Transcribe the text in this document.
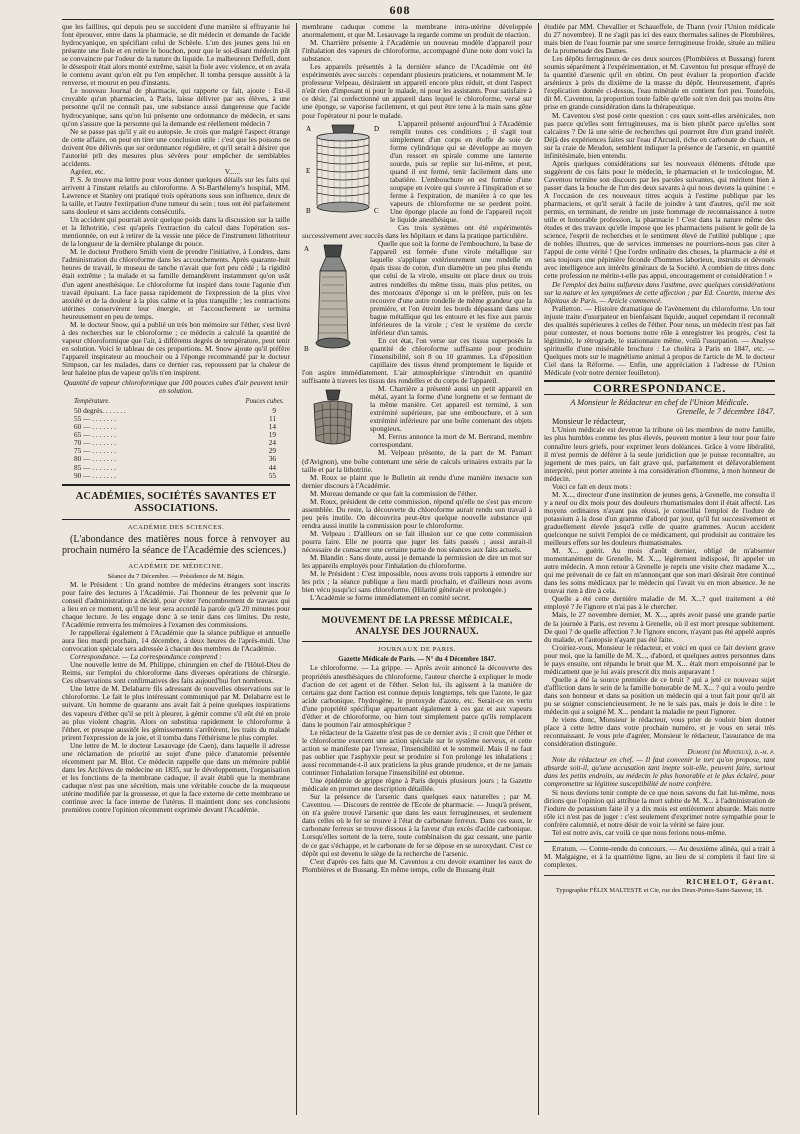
608

que les faillites, qui depuis peu se succèdent d'une manière si effrayante lui font éprouver, entre dans la pharmacie, se dit médecin et demande de l'acide hydrocyanique, en spécifiant celui de Schèele. L'un des jeunes gens lui en présente une fiole et en retire le bouchon, pour que le soi-disant médecin pût se convaincre par l'odeur de la nature du liquide. Le malheureux Deffell, dont le désespoir était alors monté extrême, saisit la fiole avec violence, et en avala le contenu avant qu'on eût pu l'en empêcher. Il tomba presque aussitôt à la renverse, et mourut en peu d'instants.

Le nouveau Journal de pharmacie, qui rapporte ce fait, ajoute : Est-il croyable qu'un pharmacien, à Paris, laisse délivrer par ses élèves, à une personne qu'il ne connaît pas, une substance aussi dangereuse que l'acide hydrocyanique, sans qu'on lui présente une ordonnance de médecin, et sans qu'on s'assure que la personne qui la demande est réellement médecin ?

Ne se passe pas qu'il y ait eu autopsie. Je crois que malgré l'aspect étrange de cette affaire, on peut en tirer une conclusion utile : c'est que les poisons ne doivent être délivrés que sur ordonnance régulière, et qu'il serait à désirer que l'autorité prît des mesures plus sévères pour empêcher de semblables accidents.

Agréez, etc.	V......

P. S. Je trouve ma lettre pour vous donner quelques détails sur les faits qui arrivent à l'instant relatifs au chloroforme. A St-Barthélemy's hospital, MM. Lawrence et Stanley ont pratiqué trois opérations sous son influence, deux de la taille, et l'autre l'extirpation d'une tumeur du sein ; tous ont été parfaitement sans douleur et sans accidents consécutifs.

Un accident qui pourrait avoir quelque poids dans la discussion sur la taille et la lithotritie, c'est qu'après l'extraction du calcul dans l'opération sus-mentionnée, on eut à retirer de la vessie une pièce de l'instrument lithotriteur de la longueur de la dernière phalange du pouce.

M. le docteur Prothero Smith vient de prendre l'initiative, à Londres, dans l'administration du chloroforme dans les accouchements. Après quarante-huit heures de travail, le museau de tanche n'avait que fort peu cédé ; la rigidité était extrême ; la malade et sa famille demandèrent instamment qu'on usât d'un agent anesthésique. Le chloroforme fut inspiré dans toute l'agonie d'un travail épuisant. La face passa rapidement de l'expression de la plus vive anxiété et de la douleur à la plus calme et la plus tranquille ; les contractions utérines conservèrent leur énergie, et l'accouchement se termina heureusement en peu de temps.

M. le docteur Snow, qui a publié un très bon mémoire sur l'éther, s'est livré à des recherches sur le chloroforme ; ce médecin a calculé la quantité de vapeur chloroformique que l'air, à différents degrés de température, peut tenir en solution. Voici le tableau de ces proportions. M. Snow ajoute qu'il préfère l'appareil inspirateur au mouchoir ou à l'éponge recommandé par le docteur Simpson, car les malades, dans ce dernier cas, repoussent par la chaleur de leur haleine plus de vapeur qu'ils n'en inspirent.

Quantité de vapeur chloroformique que 100 pouces cubes d'air peuvent tenir en solution.

Température.	Pouces cubes.
50 degrés. . . . . . .	9
55 — . . . . . . .	11
60 — . . . . . . .	14
65 — . . . . . . .	19
70 — . . . . . . .	24
75 — . . . . . . .	29
80 — . . . . . . .	36
85 — . . . . . . .	44
90 — . . . . . . .	55
ACADÉMIES, SOCIÉTÉS SAVANTES ET ASSOCIATIONS.
ACADÉMIE DES SCIENCES.

(L'abondance des matières nous force à renvoyer au prochain numéro la séance de l'Académie des sciences.)

ACADÉMIE DE MÉDECINE.

Séance du 7 Décembre. — Présidence de M. Bégin.

M. le Président : Un grand nombre de médecins étrangers sont inscrits pour faire des lectures à l'Académie. J'ai l'honneur de les prévenir que le conseil d'administration a décidé, pour éviter l'encombrement de travaux qui a lieu en ce moment, qu'il ne leur sera accordé la parole qu'à 20 minutes pour chaque lecture. Je les engage donc à se tenir dans ces limites. Du reste, l'Académie renverra les mémoires à l'examen des commissions.

Je rappellerai également à l'Académie que la séance publique et annuelle aura lieu mardi prochain, 14 décembre, à deux heures de l'après-midi. Une convocation spéciale sera adressée à chacun des membres de l'Académie.

Correspondance. — La correspondance comprend :

Une nouvelle lettre de M. Philippe, chirurgien en chef de l'Hôtel-Dieu de Reims, sur l'emploi du chloroforme dans diverses opérations de chirurgie. Ces observations sont confirmatives des faits aujourd'hui fort nombreux.

Une lettre de M. Delabarre fils adressant de nouvelles observations sur le chloroforme. Le fait le plus intéressant communiqué par M. Delabarre est le suivant. Un homme de quarante ans avait fait à peine quelques inspirations des vapeurs d'éther qu'il se prit à pleurer, à gémir comme s'il eût été en proie au plus violent chagrin. Alors on substitua rapidement le chloroforme à l'éther, et presque aussitôt les gémissements s'arrêtèrent, les traits du malade prirent l'expression de la joie, et il tomba dans l'éthérisme le plus complet.

Une lettre de M. le docteur Lesauvage (de Caen), dans laquelle il adresse une réclamation de priorité au sujet d'une pièce d'anatomie présentée récemment par M. Blot. Ce médecin rappelle que dans un mémoire publié dans les Archives de médecine en 1835, sur le développement, l'organisation et les fonctions de la membrane caduque, il avait établi que la membrane caduque n'est pas une sécrétion, mais une véritable couche de la muqueuse utérine modifiée par la grossesse, et que la face externe de cette membrane se continue avec la face interne de l'utérus. Il maintient donc ses conclusions premières contre l'opinion récemment exprimée devant l'Académie.

membrane caduque comme la membrane intra-utérine développée anormalement, et que M. Lesauvage la regarde comme un produit de réaction.

M. Charrière présente à l'Académie un nouveau modèle d'appareil pour l'inhalation des vapeurs de chloroforme, accompagné d'une note dont voici la substance.

Les appareils présentés à la dernière séance de l'Académie ont été expérimentés avec succès : cependant plusieurs praticiens, et notamment M. le professeur Velpeau, désiraient un appareil encore plus réduit, et dont l'aspect n'eût rien d'imposant ni pour le malade, ni pour les assistants. Pour satisfaire à ce désir, j'ai confectionné un appareil dans lequel le chloroforme, versé sur une éponge, se vaporise facilement, et qui peut être tenu à la main sans gêne pour l'opérateur ni pour le malade.

A
E
B
D
C

L'appareil présenté aujourd'hui à l'Académie remplit toutes ces conditions ; il s'agit tout simplement d'un corps en étoffe de soie de forme cylindrique qui se développe au moyen d'un ressort en spirale comme une lanterne sourde, puis se replie sur lui-même, et peut, quand il est fermé, tenir facilement dans une tabatière. L'embouchure en est formée d'une soupape en ivoire qui s'ouvre à l'inspiration et se ferme à l'expiration, de manière à ce que les vapeurs de chloroforme ne se perdent point. Une éponge placée au fond de l'appareil reçoit le liquide anesthésique.

Ces trois systèmes ont été expérimentés successivement avec succès dans les hôpitaux et dans la pratique particulière.

A
B

Quelle que soit la forme de l'embouchure, la base de l'appareil est fermée d'une virole métallique sur laquelle s'applique extérieurement une rondelle en épais tissu de coton, d'un diamètre un peu plus étendu que celui de la virole, ensuite on place deux ou trois autres rondelles du même tissu, mais plus petites, ou des morceaux d'éponge si on le préfère, puis on les recouvre d'une autre rondelle de même grandeur que la première, et l'on étreint les bords dépassant dans une bague métallique qui les entoure et les fixe aux parois inférieures de la virole ; c'est le système du cercle inférieur d'un tamis.

En cet état, l'on verse sur ces tissus superposés la quantité de chloroforme suffisante pour produire l'insensibilité, soit 8 ou 10 grammes. La d'éposition capillaire des tissus étend promptement le liquide et l'on aspire immédiatement. L'air atmosphérique s'introduit en quantité suffisante à travers les tissus des rondelles et du corps de l'appareil.

M. Charrière a présenté aussi un petit appareil en métal, ayant la forme d'une lorgnette et se fermant de la même manière. Cet appareil est terminé, à son extrémité supérieure, par une embouchure, et à son extrémité inférieure par une boîte contenant des objets spongieux.

M. Ferrus annonce la mort de M. Bertrand, membre correspondant.

M. Velpeau présente, de la part de M. Pamart (d'Avignon), une boîte contenant une série de calculs urinaires extraits par la taille et par la lithotritie.

M. Roux se plaint que le Bulletin ait rendu d'une manière inexacte son dernier discours à l'Académie.

M. Moreau demande ce que fait la commission de l'éther.

M. Roux, président de cette commission, répond qu'elle ne s'est pas encore assemblée. Du reste, la découverte du chloroforme aurait rendu son travail à peu près inutile. On découvrira peut-être quelque nouvelle substance qui rendra aussi inutile la commission pour le chloroforme.

M. Velpeau : D'ailleurs on se fait illusion sur ce que cette commission pourra faire. Elle ne pourra que juger les faits passés ; aussi aurait-il nécessaire de consacrer une certaine partie de nos séances aux faits actuels.

M. Blandin : Sans doute, aussi je demande la permission de dire un mot sur les appareils employés pour l'inhalation du chloroforme.

M. le Président : C'est impossible, nous avons trois rapports à entendre sur les prix ; la séance publique a lieu mardi prochain, et d'ailleurs nous avons bien vécu jusqu'ici sans chloroforme. (Hilarité générale et prolongée.)

L'Académie se forme immédiatement en comité secret.

MOUVEMENT DE LA PRESSE MÉDICALE, ANALYSE DES JOURNAUX.
JOURNAUX DE PARIS.

Gazette Médicale de Paris. — N° du 4 Décembre 1847.

Le chloroforme. — La grippe. — Après avoir annoncé la découverte des propriétés anesthésiques du chloroforme, l'auteur cherche à expliquer le mode d'action de cet agent et de l'éther. Selon lui, ils agissent à la manière de certains gaz dont l'action est connue depuis longtemps, tels que l'azote, le gaz acide carbonique, l'hydrogène, le protoxyde d'azote, etc. Serait-ce en vertu d'une propriété spécifique appartenant également à ces gaz et aux vapeurs d'éther et de chloroforme, ou bien tout simplement parce qu'ils remplacent dans le poumon l'air atmosphérique ?

Le rédacteur de la Gazette n'est pas de ce dernier avis ; il croit que l'éther et le chloroforme exercent une action spéciale sur le système nerveux, et cette action se manifeste par l'ivresse, l'insensibilité et le sommeil. Mais il ne faut pas oublier que l'asphyxie peut se produire si l'on prolonge les inhalations ; aussi recommande-t-il aux praticiens la plus grande prudence, et de ne jamais continuer l'inhalation lorsque l'insensibilité est obtenue.

Une épidémie de grippe règne à Paris depuis plusieurs jours ; la Gazette médicale en promet une description détaillée.

Sur la présence de l'arsenic dans quelques eaux naturelles ; par M. Caventou. — Discours de rentrée de l'Ecole de pharmacie. — Jusqu'à présent, on n'a guère trouvé l'arsenic que dans les eaux ferrugineuses, et seulement dans celles où le fer se trouve à l'état de carbonate ferreux. Dans ces eaux, le carbonate ferreux se trouve dissous à la faveur d'un excès d'acide carbonique. Lorsqu'elles sortent de la terre, toute combinaison du gaz cessant, une partie de ce gaz s'échappe, et le carbonate de fer se dépose en se suroxydant. C'est ce dépôt qui est devenu le siège de la recherche de l'arsenic.

C'est d'après ces faits que M. Caventou a cru devoir examiner les eaux de Plombières et de Bussang. En même temps, celle de Bussang était

étudiée par MM. Chevallier et Schaueffele, de Thann (voir l'Union médicale du 27 novembre). Il ne s'agit pas ici des eaux thermales salines de Plombières, mais bien de l'eau fournie par une source ferrugineuse froide, située au milieu de la promenade des Dames.

Les dépôts ferrugineux de ces deux sources (Plombières et Bussang) furent soumis séparément à l'expérimentation, et M. Caventou fut presque effrayé de la quantité d'arsenic qu'il en obtint. On peut évaluer la proportion d'acide arsénieux à près du dixième de la masse du dépôt. Heureusement, d'après l'explication donnée ci-dessus, l'eau minérale en contient fort peu. Toutefois, dit M. Caventou, la proportion toute faible qu'elle soit n'en doit pas moins être prise en grande considération dans la thérapeutique.

M. Caventou s'est posé cette question : ces eaux sont-elles arsénicales, non pas parce qu'elles sont ferrugineuses, ma is bien plutôt parce qu'elles sont calcaires ? De là une série de recherches qui pourront être d'un grand intérêt. Déjà des expériences faites sur l'eau d'Arcueil, riche en carbonate de chaux, et sur la craie de Meudon, semblent indiquer la présence de l'arsenic, en quantité infinitésimale, bien entendu.

Après quelques considérations sur les nouveaux éléments d'étude que suggèrent de ces faits pour le médecin, le pharmacien et le toxicologue, M. Caventou termine son discours par les paroles suivantes, qui méritent bien à passer dans la bouche de l'un des deux savants à qui nous devons la quinine : « A l'occasion de ces nouveaux titres acquis à l'estime publique par les pharmaciens, et qu'il serait à facile de joindre à tant d'autres, qu'il me soit permis, en terminant, de rendre un juste hommage de reconnaissance à notre utile et honorable profession, la pharmacie ! C'est dans la nature même des études et des travaux qu'elle impose que les pharmaciens puisent le goût de la science, l'esprit de recherches et le sentiment élevé de l'utilité publique ; que de nobles illustres, que de services immenses ne pourrions-nous pas citer à l'appui de cette vérité ! Que l'ordre ordinaire des choses, la pharmacie a été et sera toujours une pépinière féconde d'hommes laborieux, instruits et dévoués avec intelligence aux intérêts généraux de la Société. A combien de titres donc cette profession ne mérite-t-elle pas appui, encouragement et considération ! »

De l'emploi des bains sulfureux dans l'asthme, avec quelques considérations sur la nature et les symptômes de cette affection ; par Ed. Courtin, interne des hôpitaux de Paris. — Article commencé.

Pralletton. — Histoire dramatique de l'avènement du chloroforme. Un tour injuste traite d'usurpateur en bienfaisant liquide, auquel cependant il reconnaît des qualités supérieures à celles de l'éther. Pour nous, un médecin n'est pas fait pour contester, et nous bornons notre rôle à enregistrer les progrès, c'est la légitimité, le rétrograde, le stationnaire même, voilà l'usurpation. — Analyse spirituelle d'une misérable brochure : Le choléra à Paris en 1847, etc. — Quelques mots sur le magnétisme animal à propos de l'article de M. le docteur Ciel dans la Réforme. — Enfin, une appréciation à l'adresse de l'Union Médicale (voir notre dernier feuilleton).

CORRESPONDANCE.
A Monsieur le Rédacteur en chef de l'Union Médicale.
Grenelle, le 7 décembre 1847.

Monsieur le rédacteur,

L'Union médicale est devenue la tribune où les membres de notre famille, les plus humbles comme les plus élevés, peuvent monter à leur tour pour faire connaître leurs griefs, pour exprimer leurs doléances. Grâce à votre libéralité, il m'est permis de déférer à la seule juridiction que je puisse reconnaître, au jugement de mes pairs, un fait grave qui, parfaitement et défavorablement interprété, peut porter atteinte à ma considération d'homme, à mon honneur de médecin.

Voici ce fait en deux mots :

M. X..., directeur d'une institution de jeunes gens, à Grenelle, me consulta il y a neuf ou dix mois pour des douleurs rhumatismales dont il était affecté. Les moyens ordinaires n'ayant pas réussi, je conseillai l'emploi de l'iodure de potassium à la dose d'un gramme d'abord par jour, qu'il fut successivement et graduellement élevée jusqu'à celle de quatre grammes. Aucun accident quelconque ne suivit l'emploi de ce médicament, qui produisit au contraire les meilleurs effets sur les douleurs rhumatismales.

M. X... guérit. Au mois d'août dernier, obligé de m'absenter momentanément de Grenelle, M. X..., légèrement indisposé, fit appeler un autre médecin. A mon retour à Grenelle je repris une visite chez madame X..., qui me prévenait de ce fait en m'annonçant que son mari désirait être continué dans les soins médicaux par le médecin qui l'avait vu en mon absence. Je ne trouvai rien à dire à cela.

Quelle a été cette dernière maladie de M. X...? quel traitement a été employé ? Je l'ignore et n'ai pas à le chercher.

Mais, le 27 novembre dernier, M. X..., après avoir passé une grande partie de la journée à Paris, est revenu à Grenelle, où il est mort presque subitement. De quoi ? de quelle affection ? Je l'ignore encore, n'ayant pas été appelé auprès du malade, et l'autopsie n'ayant pas été faite.

Croiriez-vous, Monsieur le rédacteur, et voici en quoi ce fait devient grave pour moi, que la famille de M. X..., d'abord, et quelques autres personnes dans le pays ensuite, ont répandu le bruit que M. X... était mort empoisonné par le médicament que je lui avais prescrit dix mois auparavant !

Quelle a été la source première de ce bruit ? qui a jeté ce nouveau sujet d'affliction dans le sein de la famille honorable de M. X... ? qui a voulu perdre dans son honneur et dans sa position un médecin qui a tout fait pour qu'il ait pu se soigner consciencieusement. Je ne le sais pas, mais je dois le dire : le médecin qui a soigné M. X... pendant la maladie ne peut l'ignorer.

Je viens donc, Monsieur le rédacteur, vous prier de vouloir bien donner place à cette lettre dans votre prochain numéro, et je vous en serai très reconnaissant. Je vous prie d'agréer, Monsieur le rédacteur, l'assurance de ma considération distinguée.

Dumont (de Monteux), d.-m. p.

Note du rédacteur en chef. — Il faut convenir le tort qu'on propose, tant absurde soit-il, qu'une accusation tant inepte soit-elle, peuvent faire, surtout dans les petits endroits, au médecin le plus honorable et le plus éclairé, pour compromettre sa légitime susceptibilité de notre confrère.

Si nous devions tenir compte de ce que nous savons du fait lui-même, nous dirions que l'opinion qui attribue la mort subite de M. X... à l'administration de l'iodure de potassium faite il y a dix mois est entièrement absurde. Mais notre rôle ici n'est pas de juger : c'est seulement d'exprimer notre sympathie pour le confrère calomnié, et notre désir de voir la vérité se faire jour.

Tel est notre avis, car voilà ce que nous ferions nous-même.

Erratum. — Comte-rendu du concours. — Au deuxième alinéa, qui a trait à M. Malgaigne, et à la quatrième ligne, au lieu de si complets il faut lire si complexes.

RICHELOT, Gérant.
Typographie FÉLIX MALTESTE et Cie, rue des Deux-Portes-Saint-Sauveur, 18.
